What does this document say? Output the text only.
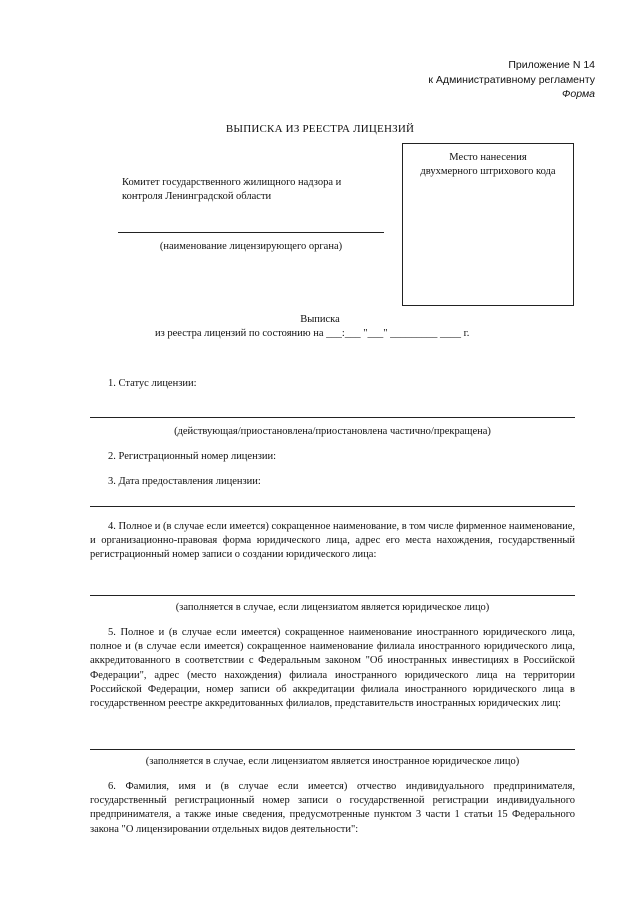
Приложение N 14
к Административному регламенту
Форма
ВЫПИСКА ИЗ РЕЕСТРА ЛИЦЕНЗИЙ
Место нанесения
двухмерного штрихового кода
Комитет государственного жилищного надзора и
контроля Ленинградской области
(наименование лицензирующего органа)
Выписка
из реестра лицензий по состоянию на ___:___ "___" _________ ____ г.
1. Статус лицензии:
(действующая/приостановлена/приостановлена частично/прекращена)
2. Регистрационный номер лицензии:
3. Дата предоставления лицензии:
4. Полное и (в случае если имеется) сокращенное наименование, в том числе фирменное наименование, и организационно-правовая форма юридического лица, адрес его места нахождения, государственный регистрационный номер записи о создании юридического лица:
(заполняется в случае, если лицензиатом является юридическое лицо)
5. Полное и (в случае если имеется) сокращенное наименование иностранного юридического лица, полное и (в случае если имеется) сокращенное наименование филиала иностранного юридического лица, аккредитованного в соответствии с Федеральным законом "Об иностранных инвестициях в Российской Федерации", адрес (место нахождения) филиала иностранного юридического лица на территории Российской Федерации, номер записи об аккредитации филиала иностранного юридического лица в государственном реестре аккредитованных филиалов, представительств иностранных юридических лиц:
(заполняется в случае, если лицензиатом является иностранное юридическое лицо)
6. Фамилия, имя и (в случае если имеется) отчество индивидуального предпринимателя, государственный регистрационный номер записи о государственной регистрации индивидуального предпринимателя, а также иные сведения, предусмотренные пунктом 3 части 1 статьи 15 Федерального закона "О лицензировании отдельных видов деятельности":
